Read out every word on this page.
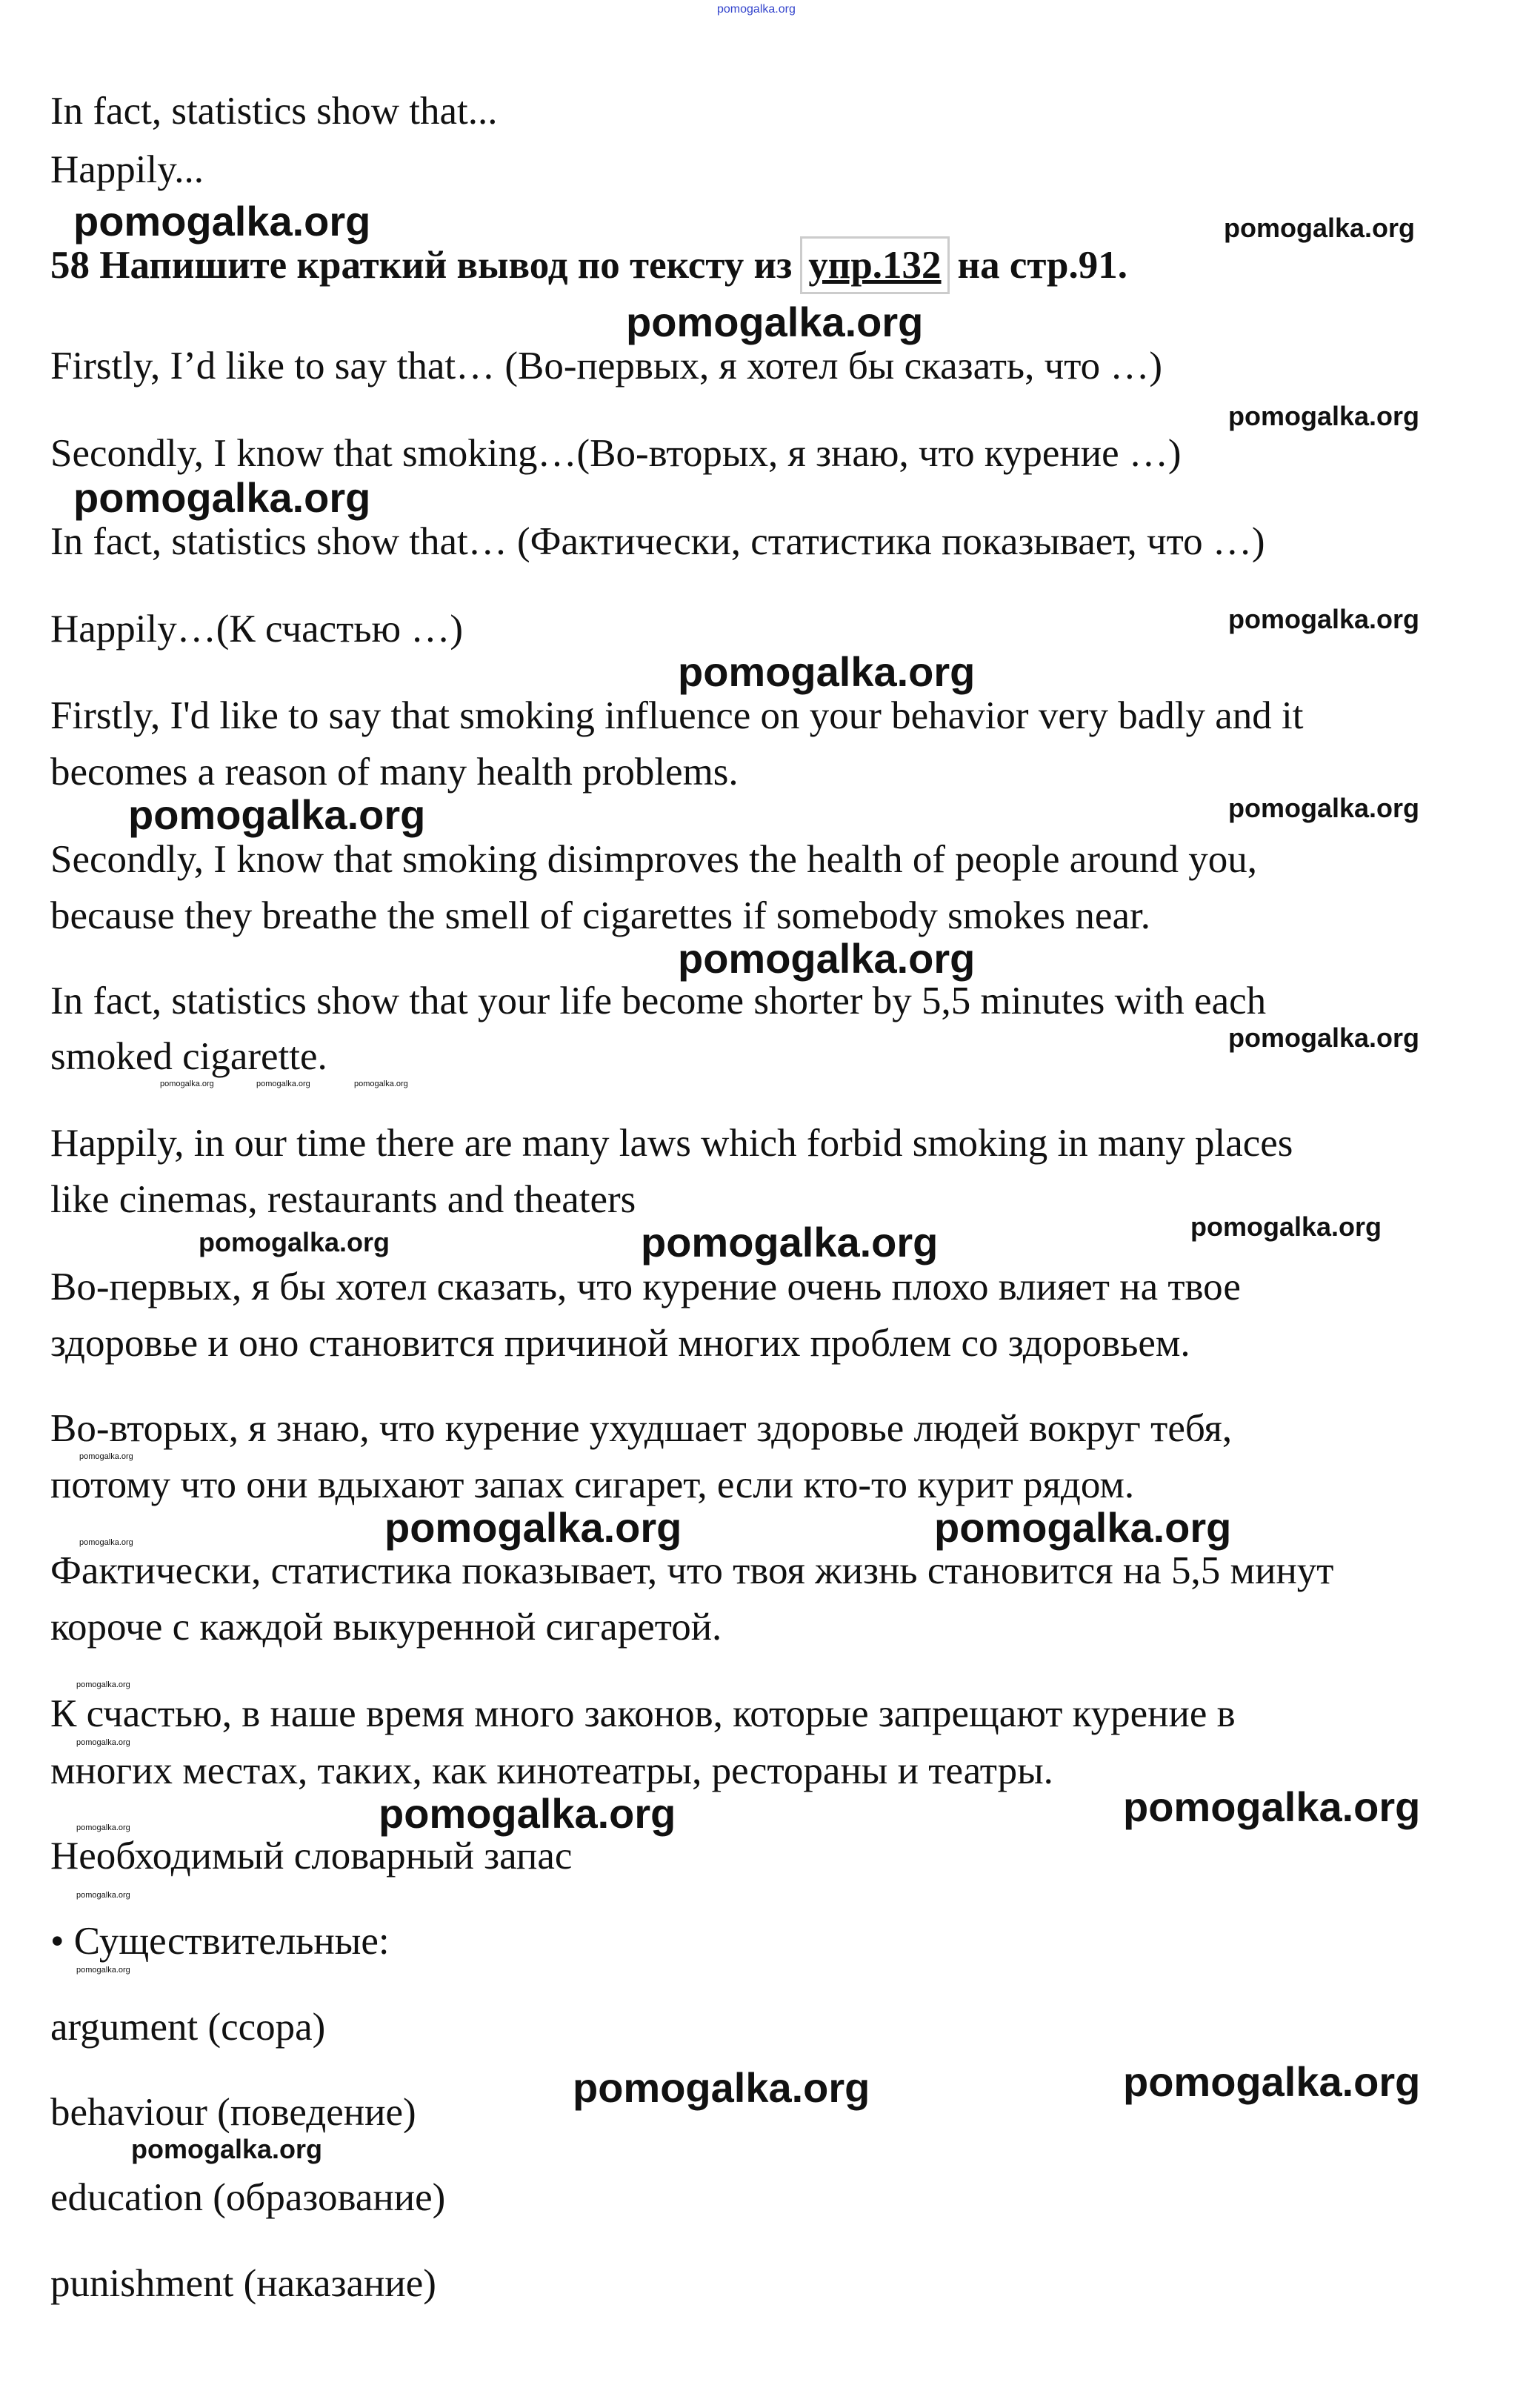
pomogalka.org
In fact, statistics show that...
Happily...
58 Напишите краткий вывод по тексту из упр.132 на стр.91.
Firstly, I’d like to say that… (Во-первых, я хотел бы сказать, что …)
Secondly, I know that smoking…(Во-вторых, я знаю, что курение …)
In fact, statistics show that… (Фактически, статистика показывает, что …)
Happily…(К счастью …)
Firstly, I'd like to say that smoking influence on your behavior very badly and it
becomes a reason of many health problems.
Secondly, I know that smoking disimproves the health of people around you,
because they breathe the smell of cigarettes if somebody smokes near.
In fact, statistics show that your life become shorter by 5,5 minutes with each
smoked cigarette.
Happily, in our time there are many laws which forbid smoking in many places
like cinemas, restaurants and theaters
Во-первых, я бы хотел сказать, что курение очень плохо влияет на твое
здоровье и оно становится причиной многих проблем со здоровьем.
Во-вторых, я знаю, что курение ухудшает здоровье людей вокруг тебя,
потому что они вдыхают запах сигарет, если кто-то курит рядом.
Фактически, статистика показывает, что твоя жизнь становится на 5,5 минут
короче с каждой выкуренной сигаретой.
К счастью, в наше время много законов, которые запрещают курение в
многих местах, таких, как кинотеатры, рестораны и театры.
Необходимый словарный запас
• Существительные:
argument (ссора)
behaviour (поведение)
education (образование)
punishment (наказание)
pomogalka.org
pomogalka.org
pomogalka.org
pomogalka.org
pomogalka.org
pomogalka.org
pomogalka.org
pomogalka.org	pomogalka.org
pomogalka.org	pomogalka.org
pomogalka.org	pomogalka.org
pomogalka.org
pomogalka.org
pomogalka.org
pomogalka.org
pomogalka.org
pomogalka.org
pomogalka.org
pomogalka.org
pomogalka.org	pomogalka.org	pomogalka.org
pomogalka.org
pomogalka.org
pomogalka.org
pomogalka.org
pomogalka.org
pomogalka.org
pomogalka.org
